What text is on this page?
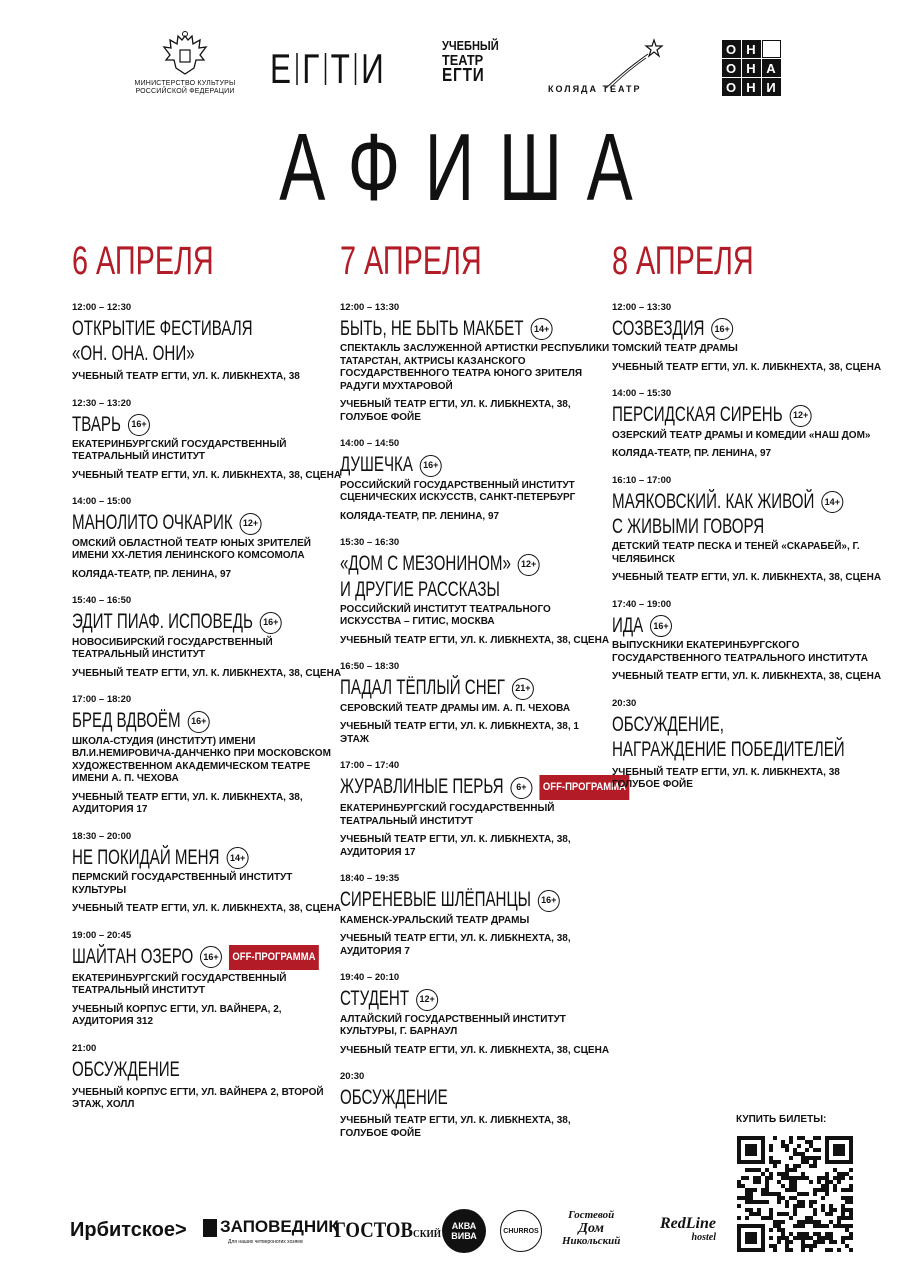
МИНИСТЕРСТВО КУЛЬТУРЫ РОССИЙСКОЙ ФЕДЕРАЦИИ Е Г Т И	УЧЕБНЫЙ
ТЕАТР
ЕГТИ
КОЛЯДА ТЕАТР
О Н
О Н А
О Н И
АФИША
6 АПРЕЛЯ
12:00 – 12:30
ОТКРЫТИЕ ФЕСТИВАЛЯ
«ОН. ОНА. ОНИ»
УЧЕБНЫЙ ТЕАТР ЕГТИ, УЛ. К. ЛИБКНЕХТА, 38
12:30 – 13:20
ТВАРЬ 16+
ЕКАТЕРИНБУРГСКИЙ ГОСУДАРСТВЕННЫЙ ТЕАТРАЛЬНЫЙ ИНСТИТУТ
УЧЕБНЫЙ ТЕАТР ЕГТИ, УЛ. К. ЛИБКНЕХТА, 38, СЦЕНА
14:00 – 15:00
МАНОЛИТО ОЧКАРИК 12+
ОМСКИЙ ОБЛАСТНОЙ ТЕАТР ЮНЫХ ЗРИТЕЛЕЙ ИМЕНИ ХХ-ЛЕТИЯ ЛЕНИНСКОГО КОМСОМОЛА
КОЛЯДА-ТЕАТР, ПР. ЛЕНИНА, 97
15:40 – 16:50
ЭДИТ ПИАФ. ИСПОВЕДЬ 16+
НОВОСИБИРСКИЙ ГОСУДАРСТВЕННЫЙ ТЕАТРАЛЬНЫЙ ИНСТИТУТ
УЧЕБНЫЙ ТЕАТР ЕГТИ, УЛ. К. ЛИБКНЕХТА, 38, СЦЕНА
17:00 – 18:20
БРЕД ВДВОЁМ 16+
ШКОЛА-СТУДИЯ (ИНСТИТУТ) ИМЕНИ ВЛ.И.НЕМИРОВИЧА-ДАНЧЕНКО ПРИ МОСКОВСКОМ ХУДОЖЕСТВЕННОМ АКАДЕМИЧЕСКОМ ТЕАТРЕ ИМЕНИ А. П. ЧЕХОВА
УЧЕБНЫЙ ТЕАТР ЕГТИ, УЛ. К. ЛИБКНЕХТА, 38, АУДИТОРИЯ 17
18:30 – 20:00
НЕ ПОКИДАЙ МЕНЯ 14+
ПЕРМСКИЙ ГОСУДАРСТВЕННЫЙ ИНСТИТУТ КУЛЬТУРЫ
УЧЕБНЫЙ ТЕАТР ЕГТИ, УЛ. К. ЛИБКНЕХТА, 38, СЦЕНА
19:00 – 20:45
ШАЙТАН ОЗЕРО 16+ OFF-ПРОГРАММА
ЕКАТЕРИНБУРГСКИЙ ГОСУДАРСТВЕННЫЙ ТЕАТРАЛЬНЫЙ ИНСТИТУТ
УЧЕБНЫЙ КОРПУС ЕГТИ, УЛ. ВАЙНЕРА, 2, АУДИТОРИЯ 312
21:00
ОБСУЖДЕНИЕ
УЧЕБНЫЙ КОРПУС ЕГТИ, УЛ. ВАЙНЕРА 2, ВТОРОЙ ЭТАЖ, ХОЛЛ
7 АПРЕЛЯ
12:00 – 13:30
БЫТЬ, НЕ БЫТЬ МАКБЕТ 14+
СПЕКТАКЛЬ ЗАСЛУЖЕННОЙ АРТИСТКИ РЕСПУБЛИКИ ТАТАРСТАН, АКТРИСЫ КАЗАНСКОГО ГОСУДАРСТВЕННОГО ТЕАТРА ЮНОГО ЗРИТЕЛЯ РАДУГИ МУХТАРОВОЙ
УЧЕБНЫЙ ТЕАТР ЕГТИ, УЛ. К. ЛИБКНЕХТА, 38, ГОЛУБОЕ ФОЙЕ
14:00 – 14:50
ДУШЕЧКА 16+
РОССИЙСКИЙ ГОСУДАРСТВЕННЫЙ ИНСТИТУТ СЦЕНИЧЕСКИХ ИСКУССТВ, САНКТ-ПЕТЕРБУРГ
КОЛЯДА-ТЕАТР, ПР. ЛЕНИНА, 97
15:30 – 16:30
«ДОМ С МЕЗОНИНОМ» 12+
И ДРУГИЕ РАССКАЗЫ
РОССИЙСКИЙ ИНСТИТУТ ТЕАТРАЛЬНОГО ИСКУССТВА – ГИТИС, МОСКВА
УЧЕБНЫЙ ТЕАТР ЕГТИ, УЛ. К. ЛИБКНЕХТА, 38, СЦЕНА
16:50 – 18:30
ПАДАЛ ТЁПЛЫЙ СНЕГ 21+
СЕРОВСКИЙ ТЕАТР ДРАМЫ ИМ. А. П. ЧЕХОВА
УЧЕБНЫЙ ТЕАТР ЕГТИ, УЛ. К. ЛИБКНЕХТА, 38, 1 ЭТАЖ
17:00 – 17:40
ЖУРАВЛИНЫЕ ПЕРЬЯ 6+ OFF-ПРОГРАММА
ЕКАТЕРИНБУРГСКИЙ ГОСУДАРСТВЕННЫЙ ТЕАТРАЛЬНЫЙ ИНСТИТУТ
УЧЕБНЫЙ ТЕАТР ЕГТИ, УЛ. К. ЛИБКНЕХТА, 38, АУДИТОРИЯ 17
18:40 – 19:35
СИРЕНЕВЫЕ ШЛЁПАНЦЫ 16+
КАМЕНСК-УРАЛЬСКИЙ ТЕАТР ДРАМЫ
УЧЕБНЫЙ ТЕАТР ЕГТИ, УЛ. К. ЛИБКНЕХТА, 38, АУДИТОРИЯ 7
19:40 – 20:10
СТУДЕНТ 12+
АЛТАЙСКИЙ ГОСУДАРСТВЕННЫЙ ИНСТИТУТ КУЛЬТУРЫ, Г. БАРНАУЛ
УЧЕБНЫЙ ТЕАТР ЕГТИ, УЛ. К. ЛИБКНЕХТА, 38, СЦЕНА
20:30
ОБСУЖДЕНИЕ
УЧЕБНЫЙ ТЕАТР ЕГТИ, УЛ. К. ЛИБКНЕХТА, 38, ГОЛУБОЕ ФОЙЕ
8 АПРЕЛЯ
12:00 – 13:30
СОЗВЕЗДИЯ 16+
ТОМСКИЙ ТЕАТР ДРАМЫ
УЧЕБНЫЙ ТЕАТР ЕГТИ, УЛ. К. ЛИБКНЕХТА, 38, СЦЕНА
14:00 – 15:30
ПЕРСИДСКАЯ СИРЕНЬ 12+
ОЗЕРСКИЙ ТЕАТР ДРАМЫ И КОМЕДИИ «НАШ ДОМ»
КОЛЯДА-ТЕАТР, ПР. ЛЕНИНА, 97
16:10 – 17:00
МАЯКОВСКИЙ. КАК ЖИВОЙ 14+
С ЖИВЫМИ ГОВОРЯ
ДЕТСКИЙ ТЕАТР ПЕСКА И ТЕНЕЙ «СКАРАБЕЙ», Г. ЧЕЛЯБИНСК
УЧЕБНЫЙ ТЕАТР ЕГТИ, УЛ. К. ЛИБКНЕХТА, 38, СЦЕНА
17:40 – 19:00
ИДА 16+
ВЫПУСКНИКИ ЕКАТЕРИНБУРГСКОГО ГОСУДАРСТВЕННОГО ТЕАТРАЛЬНОГО ИНСТИТУТА
УЧЕБНЫЙ ТЕАТР ЕГТИ, УЛ. К. ЛИБКНЕХТА, 38, СЦЕНА
20:30
ОБСУЖДЕНИЕ,
НАГРАЖДЕНИЕ ПОБЕДИТЕЛЕЙ
УЧЕБНЫЙ ТЕАТР ЕГТИ, УЛ. К. ЛИБКНЕХТА, 38 ГОЛУБОЕ ФОЙЕ
КУПИТЬ БИЛЕТЫ:
Ирбитское>	ЗАПОВЕДНИК
Для наших четвероногих хозяев ГОСТОВСКИЙ
АКВА
ВИВА	CHURROS
Гостевой
Дом
Никольский
RedLine
hostel
